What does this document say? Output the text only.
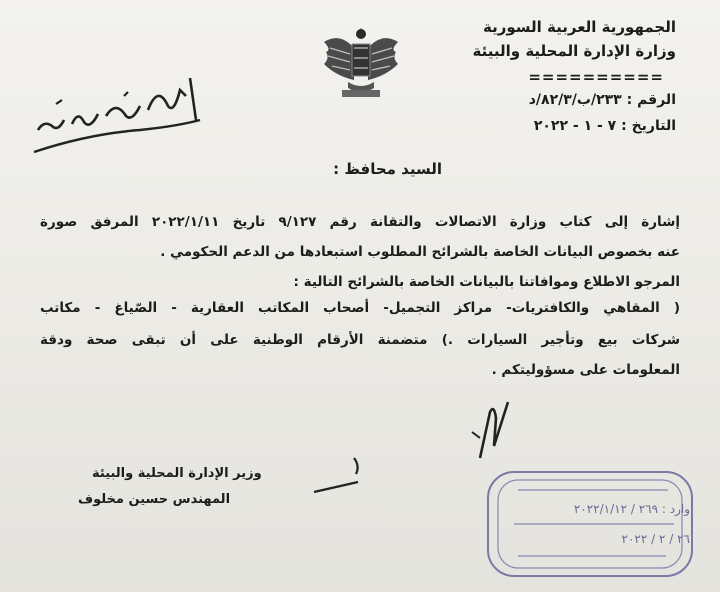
الجمهورية العربية السورية
وزارة الإدارة المحلية والبيئة
==========
الرقم : ٢٣٣/ب/٨٢/٣/د
التاريخ : ٧ - ١ - ٢٠٢٢
السيد محافظ :
إشارة إلى كتاب وزارة الاتصالات والتقانة رقم ٩/١٢٧ تاريخ ٢٠٢٢/١/١١ المرفق صورة
عنه بخصوص البيانات الخاصة بالشرائح المطلوب استبعادها من الدعم الحكومي .
المرجو الاطلاع وموافاتنا بالبيانات الخاصة بالشرائح التالية :
( المقاهي والكافتريات- مراكز التجميل- أصحاب المكاتب العقارية - الصّياغ - مكاتب
شركات بيع وتأجير السيارات .) متضمنة الأرقام الوطنية على أن تبقى صحة ودقة
المعلومات على مسؤوليتكم .
وزير الإدارة المحلية والبيئة
المهندس حسين مخلوف
وارد : ٢٦٩ / ٢٠٢٢/١/١٢
٢٦ / ٢ / ٢٠٢٢
